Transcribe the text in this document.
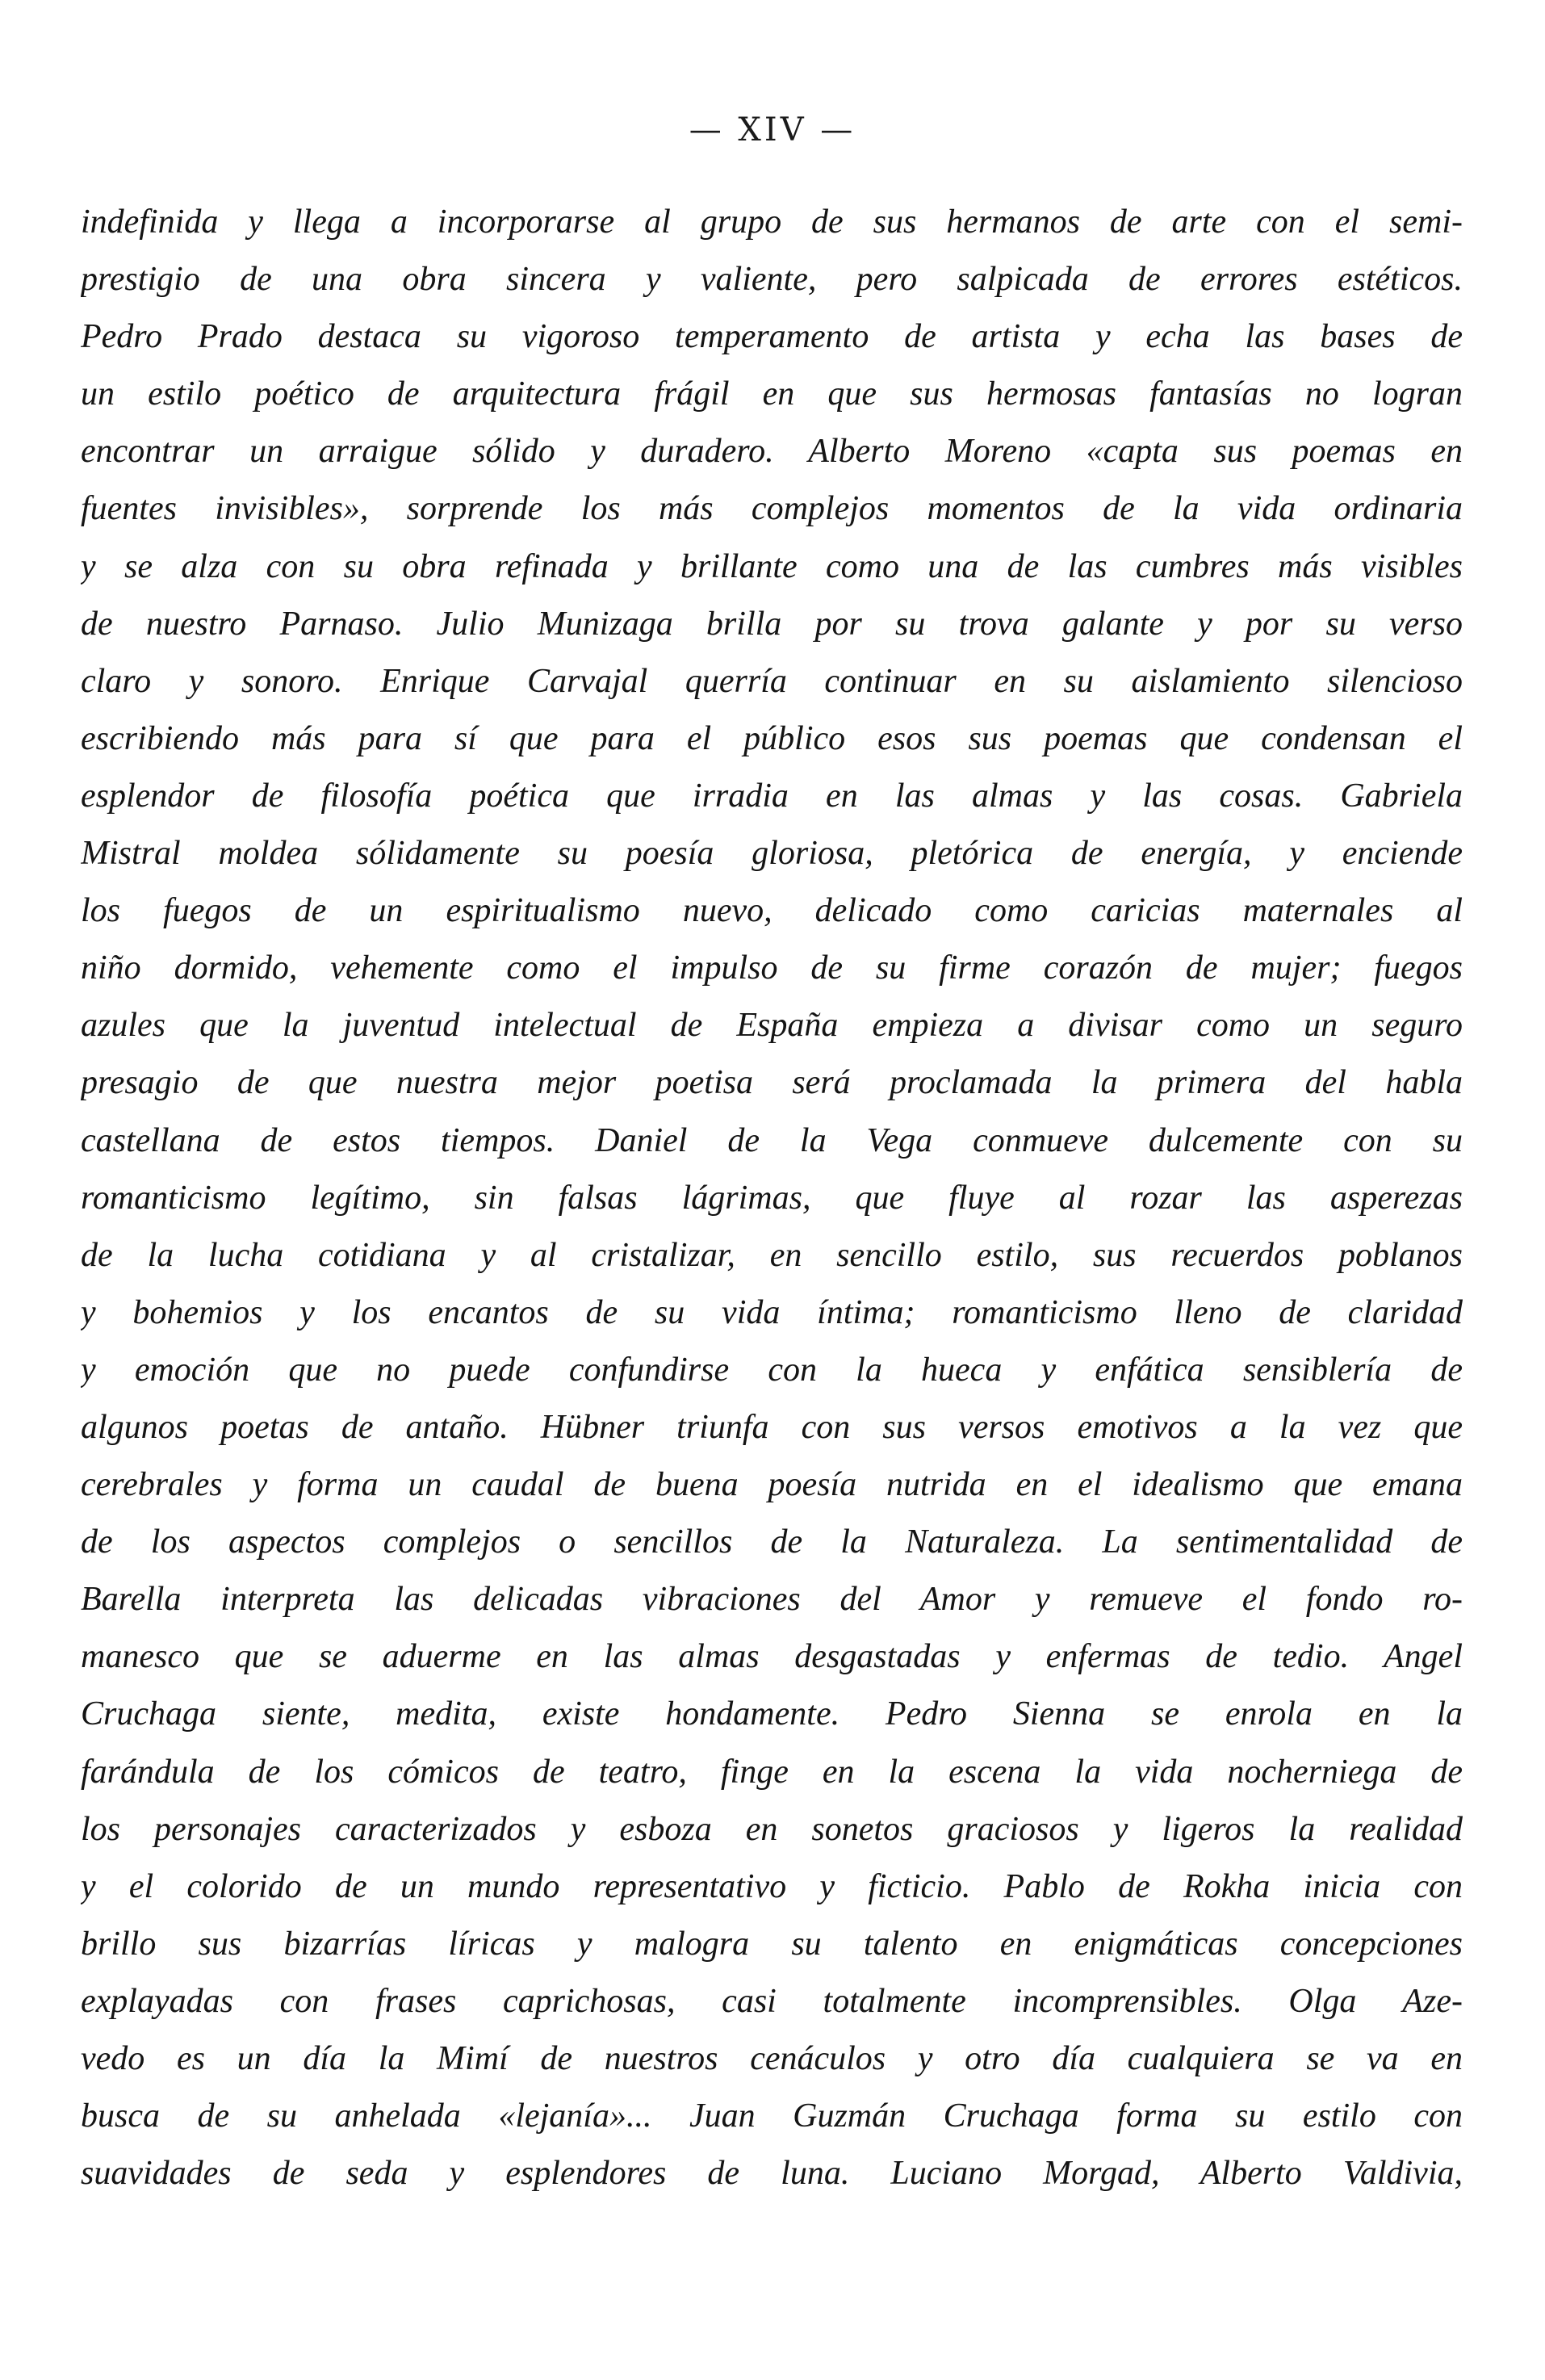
— XIV —
indefinida y llega a incorporarse al grupo de sus hermanos de arte con el semi-
prestigio de una obra sincera y valiente, pero salpicada de errores estéticos.
Pedro Prado destaca su vigoroso temperamento de artista y echa las bases de
un estilo poético de arquitectura frágil en que sus hermosas fantasías no logran
encontrar un arraigue sólido y duradero. Alberto Moreno «capta sus poemas en
fuentes invisibles», sorprende los más complejos momentos de la vida ordinaria
y se alza con su obra refinada y brillante como una de las cumbres más visibles
de nuestro Parnaso. Julio Munizaga brilla por su trova galante y por su verso
claro y sonoro. Enrique Carvajal querría continuar en su aislamiento silencioso
escribiendo más para sí que para el público esos sus poemas que condensan el
esplendor de filosofía poética que irradia en las almas y las cosas. Gabriela
Mistral moldea sólidamente su poesía gloriosa, pletórica de energía, y enciende
los fuegos de un espiritualismo nuevo, delicado como caricias maternales al
niño dormido, vehemente como el impulso de su firme corazón de mujer; fuegos
azules que la juventud intelectual de España empieza a divisar como un seguro
presagio de que nuestra mejor poetisa será proclamada la primera del habla
castellana de estos tiempos. Daniel de la Vega conmueve dulcemente con su
romanticismo legítimo, sin falsas lágrimas, que fluye al rozar las asperezas
de la lucha cotidiana y al cristalizar, en sencillo estilo, sus recuerdos poblanos
y bohemios y los encantos de su vida íntima; romanticismo lleno de claridad
y emoción que no puede confundirse con la hueca y enfática sensiblería de
algunos poetas de antaño. Hübner triunfa con sus versos emotivos a la vez que
cerebrales y forma un caudal de buena poesía nutrida en el idealismo que emana
de los aspectos complejos o sencillos de la Naturaleza. La sentimentalidad de
Barella interpreta las delicadas vibraciones del Amor y remueve el fondo ro-
manesco que se aduerme en las almas desgastadas y enfermas de tedio. Angel
Cruchaga siente, medita, existe hondamente. Pedro Sienna se enrola en la
farándula de los cómicos de teatro, finge en la escena la vida nocherniega de
los personajes caracterizados y esboza en sonetos graciosos y ligeros la realidad
y el colorido de un mundo representativo y ficticio. Pablo de Rokha inicia con
brillo sus bizarrías líricas y malogra su talento en enigmáticas concepciones
explayadas con frases caprichosas, casi totalmente incomprensibles. Olga Aze-
vedo es un día la Mimí de nuestros cenáculos y otro día cualquiera se va en
busca de su anhelada «lejanía»... Juan Guzmán Cruchaga forma su estilo con
suavidades de seda y esplendores de luna. Luciano Morgad, Alberto Valdivia,
